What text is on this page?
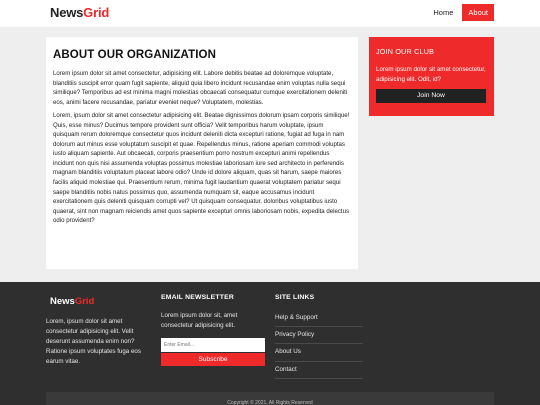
NewsGrid	Home	About
ABOUT OUR ORGANIZATION

Lorem ipsum dolor sit amet consectetur, adipisicing elit. Labore debitis beatae ad doloremque voluptate, blanditiis suscipit error quam fugit sapiente, aliquid quia libero incidunt recusandae enim voluptas nulla sequi similique? Temporibus ad est minima magni molestias obcaecati consequatur cumque exercitationem deleniti eos, animi facere recusandae, pariatur eveniet neque? Voluptatem, molestias.

Lorem, ipsum dolor sit amet consectetur adipisicing elit. Beatae dignissimos dolorum ipsam corporis similique! Quis, esse minus? Ducimus tempore provident sunt officia? Velit temporibus harum voluptate, ipsum quisquam rerum doloremque consectetur quos incidunt deleniti dicta excepturi ratione, fugiat ad fuga in nam dolorum aut minus esse voluptatum suscipit et quae. Repellendus minus, ratione aperiam commodi voluptas iusto aliquam sapiente. Aut obcaecati, corporis praesentium porro nostrum excepturi animi repellendus incidunt non quis nisi assumenda voluptas possimus molestiae laboriosam iure sed architecto in perferendis magnam blanditiis voluptatum placeat labore odio? Unde id dolore aliquam, quas sit harum, saepe maiores facilis aliquid molestiae qui. Praesentium rerum, minima fugit laudantium quaerat voluptatem pariatur sequi saepe blanditiis nobis natus possimus quo, assumenda numquam sit, eaque accusamus incidunt exercitationem quis deleniti quisquam corrupti vel? Ut quisquam consequatur, doloribus voluptatibus iusto quaerat, sint non magnam reiciendis amet quos sapiente excepturi omnis laboriosam nobis, expedita delectus odio provident?

JOIN OUR CLUB

Lorem ipsum dolor sit amet consectetur, adipisicing elit. Odit, id?

Join Now
NewsGrid

Lorem, ipsum dolor sit amet consectetur adipisicing elit. Velit deserunt assumenda enim non? Ratione ipsum voluptates fuga eos earum vitae.

EMAIL NEWSLETTER

Lorem ipsum dolor sit, amet consectetur adipisicing elit.

Enter Email...
Subscribe
SITE LINKS
Help & Support
Privacy Policy
About Us
Contact
Copyright © 2021, All Rights Reserved
